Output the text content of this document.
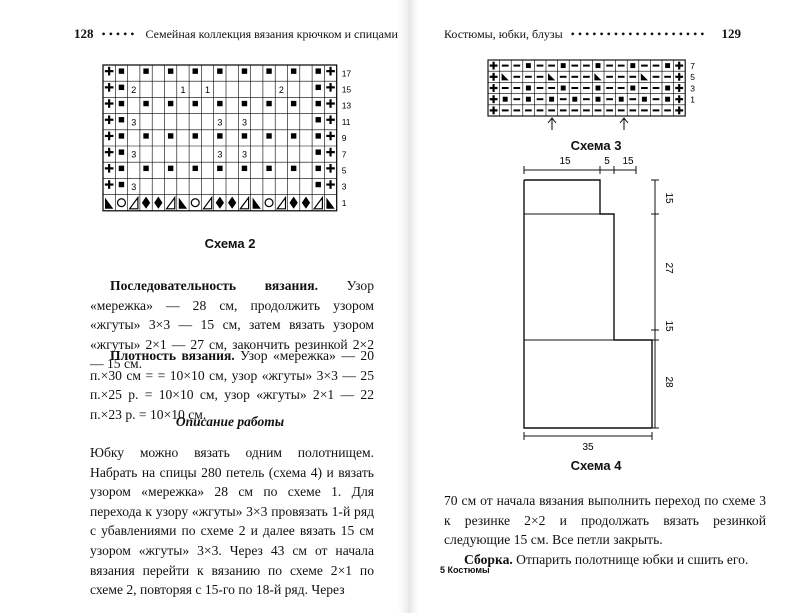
128 ••••• Семейная коллекция вязания крючком и спицами
2	1 1	2
3	3 3
3	3 3
3
17
15
13
11
9
7
5
3
1
Схема 2

Последовательность вязания. Узор «мережка» — 28 см, продолжить узором «жгуты» 3×3 — 15 см, затем вязать узором «жгуты» 2×1 — 27 см, закончить резинкой 2×2 — 15 см.

Плотность вязания. Узор «мережка» — 20 п.×30 см = = 10×10 см, узор «жгуты» 3×3 — 25 п.×25 р. = 10×10 см, узор «жгуты» 2×1 — 22 п.×23 р. = 10×10 см.

Описание работы

Юбку можно вязать одним полотнищем. Набрать на спицы 280 петель (схема 4) и вязать узором «мережка» 28 см по схеме 1. Для перехода к узору «жгуты» 3×3 провязать 1-й ряд с убавлениями по схеме 2 и далее вязать 15 см узором «жгуты» 3×3. Через 43 см от начала вязания перейти к вязанию по схеме 2×1 по схеме 2, повторяя с 15-го по 18-й ряд. Через

Костюмы, юбки, блузы ••••••••••••••••••• 129
7
5
3
1
Схема 3
15	5 15
15
27
15
28
35
Схема 4

70 см от начала вязания выполнить переход по схеме 3 к резинке 2×2 и продолжать вязать резинкой следующие 15 см. Все петли закрыть.

Сборка. Отпарить полотнище юбки и сшить его.

5 Костюмы
